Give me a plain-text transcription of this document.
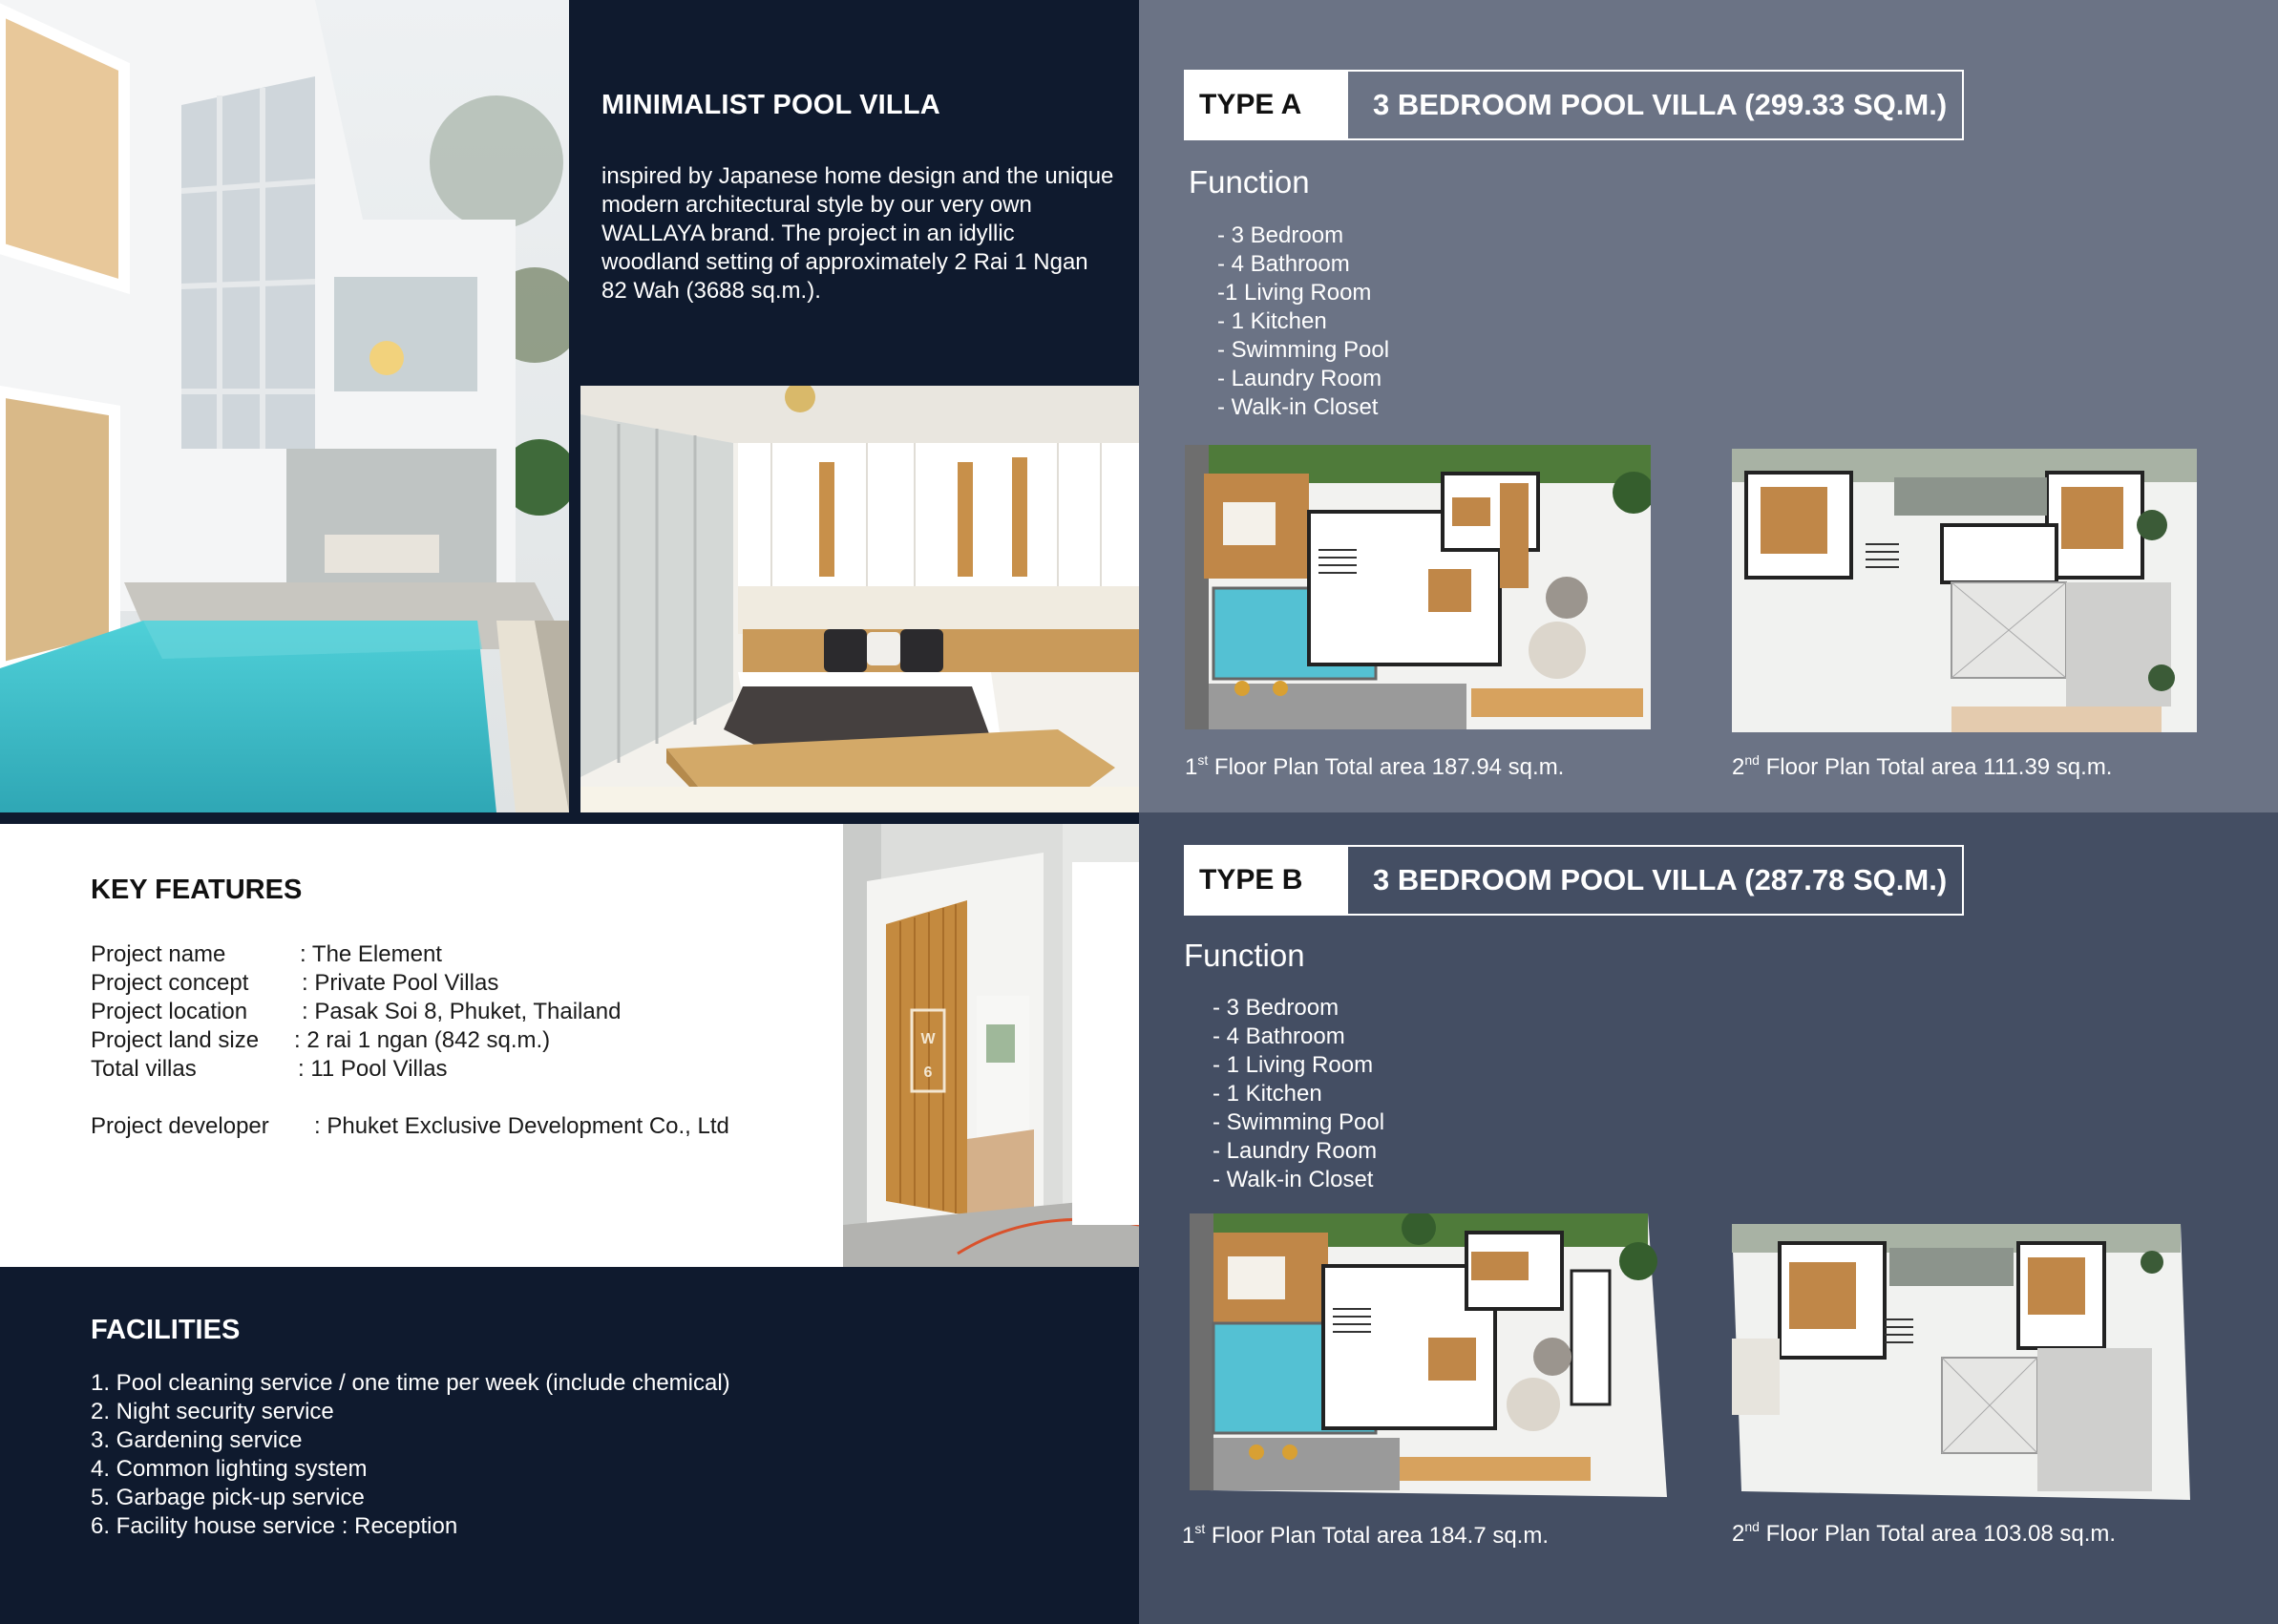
MINIMALIST POOL VILLA
inspired by Japanese home design and the unique modern architectural style by our very own WALLAYA brand. The project in an idyllic woodland setting of approximately 2 Rai 1 Ngan 82 Wah (3688 sq.m.).
KEY FEATURES
Project name	: The Element
Project concept : Private Pool Villas
Project location : Pasak Soi 8, Phuket, Thailand
Project land size : 2 rai 1 ngan (842 sq.m.)
Total villas	: 11 Pool Villas
Project developer : Phuket Exclusive Development Co., Ltd
W
6
FACILITIES
1. Pool cleaning service / one time per week (include chemical)
2. Night security service
3. Gardening service
4. Common lighting system
5. Garbage pick-up service
6. Facility house service : Reception
TYPE A	3 BEDROOM POOL VILLA (299.33 SQ.M.)
Function
- 3 Bedroom
- 4 Bathroom
-1 Living Room
- 1 Kitchen
- Swimming Pool
- Laundry Room
- Walk-in Closet
1st Floor Plan Total area 187.94 sq.m.	2nd Floor Plan Total area 111.39 sq.m.
TYPE B	3 BEDROOM POOL VILLA (287.78 SQ.M.)
Function
- 3 Bedroom
- 4 Bathroom
- 1 Living Room
- 1 Kitchen
- Swimming Pool
- Laundry Room
- Walk-in Closet
1st Floor Plan Total area 184.7 sq.m.	2nd Floor Plan Total area 103.08 sq.m.
